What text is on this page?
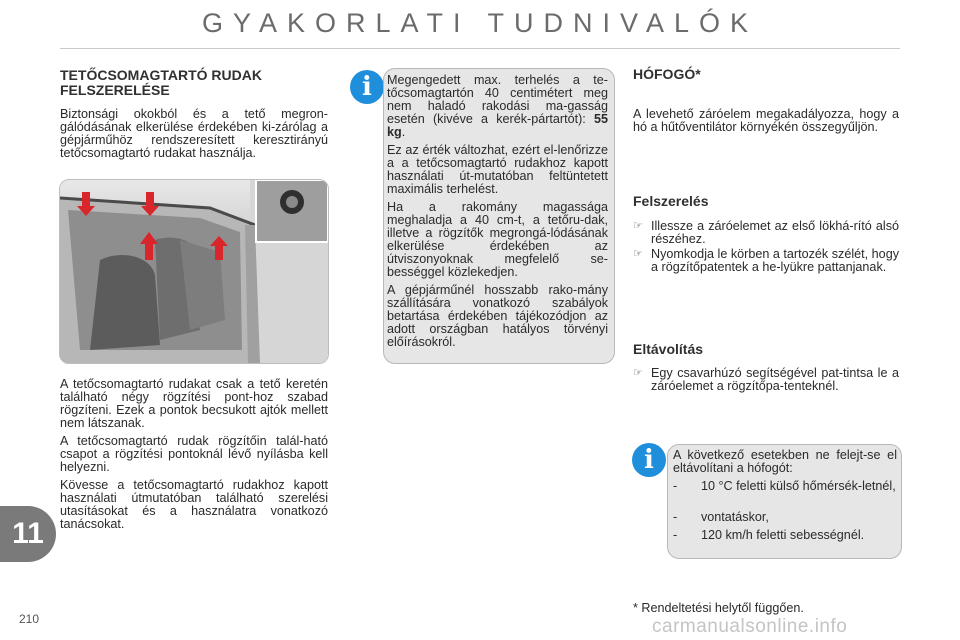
GYAKORLATI TUDNIVALÓK
TETŐCSOMAGTARTÓ RUDAK FELSZERELÉSE
Biztonsági okokból és a tető megron-gálódásának elkerülése érdekében ki-zárólag a gépjárműhöz rendszeresített keresztirányú tetőcsomagtartó rudakat használja.
A tetőcsomagtartó rudakat csak a tető keretén található négy rögzítési pont-hoz szabad rögzíteni. Ezek a pontok becsukott ajtók mellett nem látszanak.
A tetőcsomagtartó rudak rögzítőin talál-ható csapot a rögzítési pontoknál lévő nyílásba kell helyezni.
Kövesse a tetőcsomagtartó rudakhoz kapott használati útmutatóban található szerelési utasításokat és a használatra vonatkozó tanácsokat.
i	Megengedett max. terhelés a te-tőcsomagtartón 40 centimétert meg nem haladó rakodási ma-gasság esetén (kivéve a kerék-pártartót): 55 kg.
Ez az érték változhat, ezért el-lenőrizze a a tetőcsomagtartó rudakhoz kapott használati út-mutatóban feltüntetett maximális terhelést.
Ha a rakomány magassága meghaladja a 40 cm-t, a tetőru-dak, illetve a rögzítők megrongá-lódásának elkerülése érdekében az útviszonyoknak megfelelő se-bességgel közlekedjen.
A gépjárműnél hosszabb rako-mány szállítására vonatkozó szabályok betartása érdekében tájékozódjon az adott országban hatályos törvényi előírásokról.
HÓFOGÓ*
A levehető záróelem megakadályozza, hogy a hó a hűtőventilátor környékén összegyűljön.
Felszerelés
☞ Illessze a záróelemet az első lökhá-rító alsó részéhez.
☞ Nyomkodja le körben a tartozék szélét, hogy a rögzítőpatentek a he-lyükre pattanjanak.
Eltávolítás
☞ Egy csavarhúzó segítségével pat-tintsa le a záróelemet a rögzítőpa-tenteknél.
i	A következő esetekben ne felejt-se el eltávolítani a hófogót:
- 10 °C feletti külső hőmérsék-letnél,
- vontatáskor,
- 120 km/h feletti sebességnél.
* Rendeltetési helytől függően.
11
210	carmanualsonline.info
